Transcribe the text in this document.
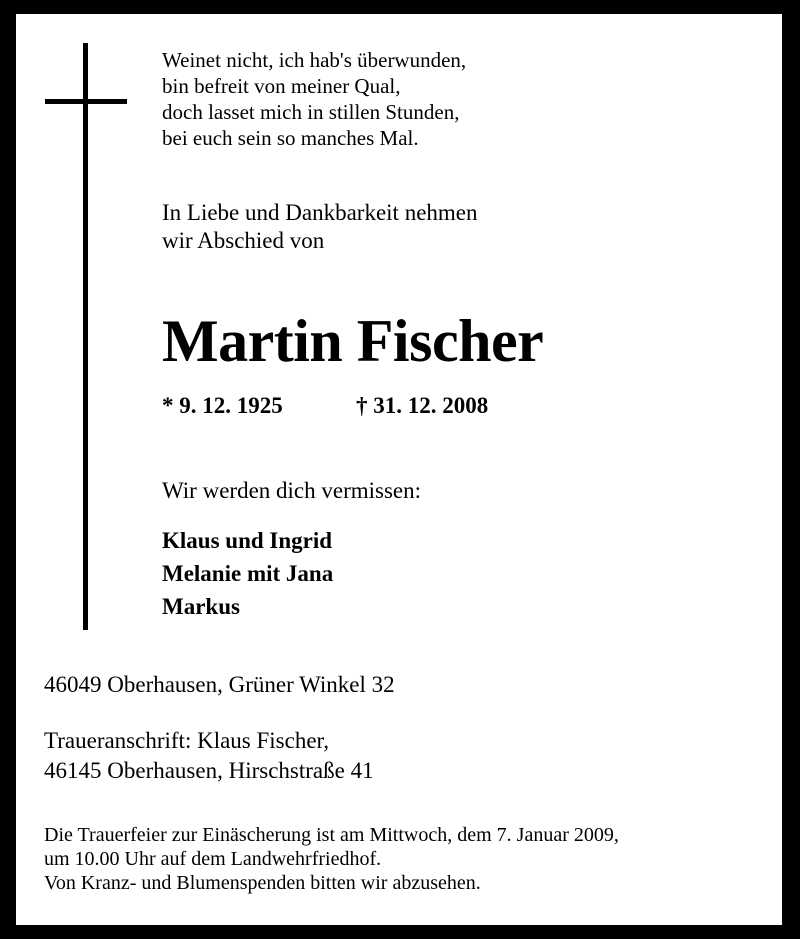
Weinet nicht, ich hab's überwunden,
bin befreit von meiner Qual,
doch lasset mich in stillen Stunden,
bei euch sein so manches Mal.
In Liebe und Dankbarkeit nehmen
wir Abschied von
Martin Fischer
* 9. 12. 1925	† 31. 12. 2008
Wir werden dich vermissen:
Klaus und Ingrid
Melanie mit Jana
Markus
46049 Oberhausen, Grüner Winkel 32
Traueranschrift: Klaus Fischer,
46145 Oberhausen, Hirschstraße 41
Die Trauerfeier zur Einäscherung ist am Mittwoch, dem 7. Januar 2009,
um 10.00 Uhr auf dem Landwehrfriedhof.
Von Kranz- und Blumenspenden bitten wir abzusehen.
